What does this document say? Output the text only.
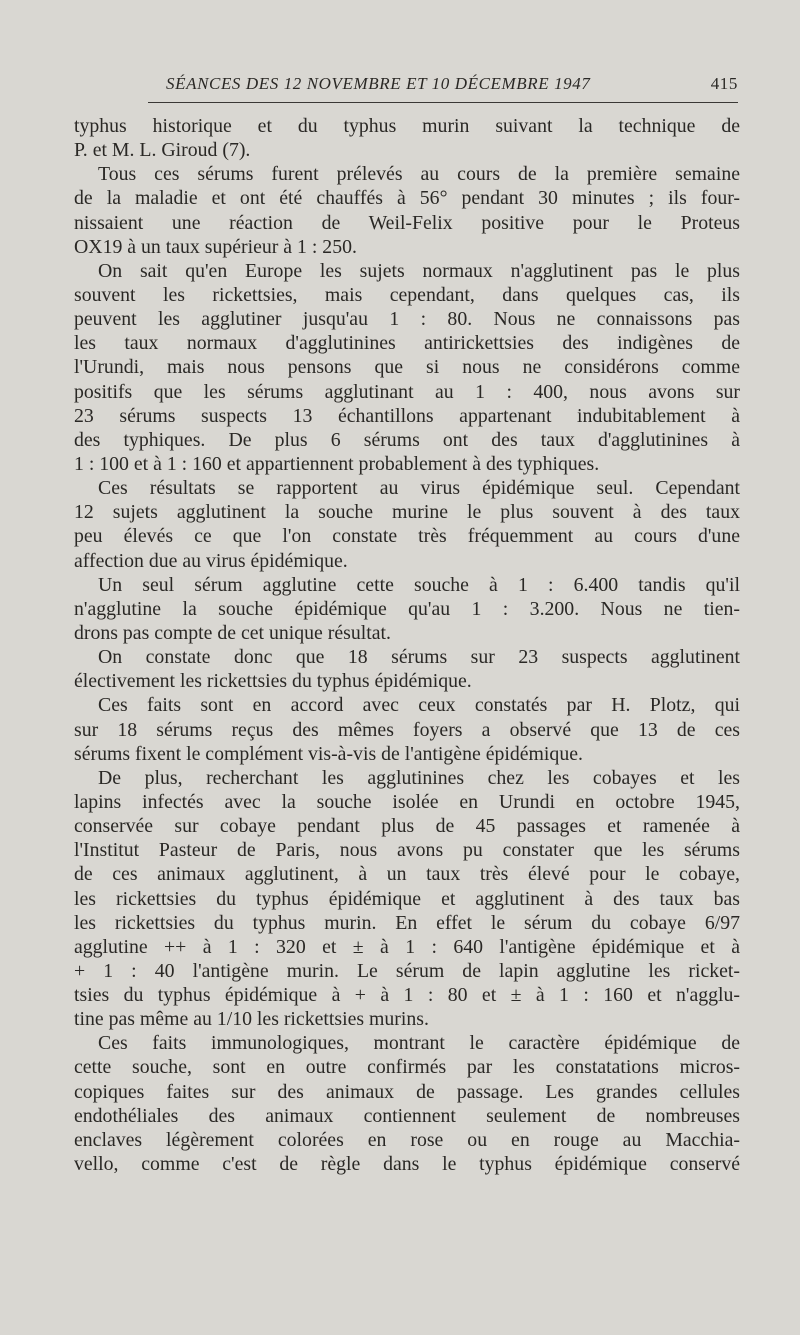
SÉANCES DES 12 NOVEMBRE ET 10 DÉCEMBRE 1947	415
typhus historique et du typhus murin suivant la technique de
P. et M. L. Giroud (7).
Tous ces sérums furent prélevés au cours de la première semaine
de la maladie et ont été chauffés à 56° pendant 30 minutes ; ils four-
nissaient une réaction de Weil-Felix positive pour le Proteus
OX19 à un taux supérieur à 1 : 250.
On sait qu'en Europe les sujets normaux n'agglutinent pas le plus
souvent les rickettsies, mais cependant, dans quelques cas, ils
peuvent les agglutiner jusqu'au 1 : 80. Nous ne connaissons pas
les taux normaux d'agglutinines antirickettsies des indigènes de
l'Urundi, mais nous pensons que si nous ne considérons comme
positifs que les sérums agglutinant au 1 : 400, nous avons sur
23 sérums suspects 13 échantillons appartenant indubitablement à
des typhiques. De plus 6 sérums ont des taux d'agglutinines à
1 : 100 et à 1 : 160 et appartiennent probablement à des typhiques.
Ces résultats se rapportent au virus épidémique seul. Cependant
12 sujets agglutinent la souche murine le plus souvent à des taux
peu élevés ce que l'on constate très fréquemment au cours d'une
affection due au virus épidémique.
Un seul sérum agglutine cette souche à 1 : 6.400 tandis qu'il
n'agglutine la souche épidémique qu'au 1 : 3.200. Nous ne tien-
drons pas compte de cet unique résultat.
On constate donc que 18 sérums sur 23 suspects agglutinent
électivement les rickettsies du typhus épidémique.
Ces faits sont en accord avec ceux constatés par H. Plotz, qui
sur 18 sérums reçus des mêmes foyers a observé que 13 de ces
sérums fixent le complément vis-à-vis de l'antigène épidémique.
De plus, recherchant les agglutinines chez les cobayes et les
lapins infectés avec la souche isolée en Urundi en octobre 1945,
conservée sur cobaye pendant plus de 45 passages et ramenée à
l'Institut Pasteur de Paris, nous avons pu constater que les sérums
de ces animaux agglutinent, à un taux très élevé pour le cobaye,
les rickettsies du typhus épidémique et agglutinent à des taux bas
les rickettsies du typhus murin. En effet le sérum du cobaye 6/97
agglutine ++ à 1 : 320 et ± à 1 : 640 l'antigène épidémique et à
+ 1 : 40 l'antigène murin. Le sérum de lapin agglutine les ricket-
tsies du typhus épidémique à + à 1 : 80 et ± à 1 : 160 et n'agglu-
tine pas même au 1/10 les rickettsies murins.
Ces faits immunologiques, montrant le caractère épidémique de
cette souche, sont en outre confirmés par les constatations micros-
copiques faites sur des animaux de passage. Les grandes cellules
endothéliales des animaux contiennent seulement de nombreuses
enclaves légèrement colorées en rose ou en rouge au Macchia-
vello, comme c'est de règle dans le typhus épidémique conservé
